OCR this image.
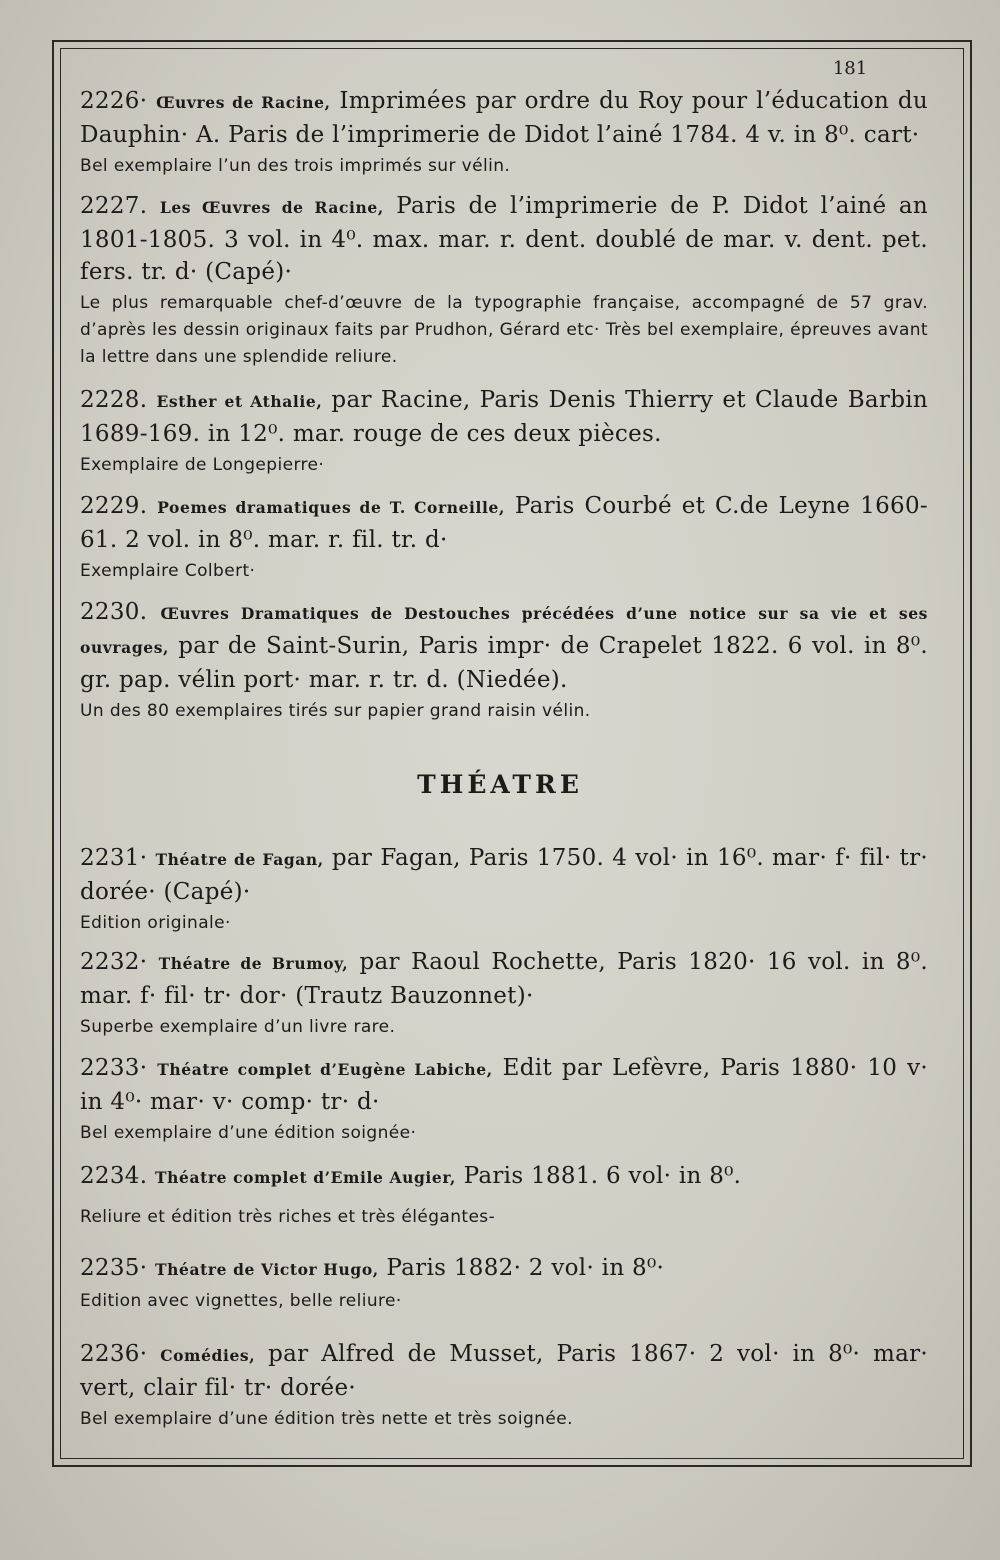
181
2226· Œuvres de Racine, Imprimées par ordre du Roy pour l’éducation du Dauphin· A. Paris de l’imprimerie de Didot l’ainé 1784. 4 v. in 8⁰. cart·
Bel exemplaire l’un des trois imprimés sur vélin.
2227. Les Œuvres de Racine, Paris de l’imprimerie de P. Didot l’ainé an 1801-1805. 3 vol. in 4⁰. max. mar. r. dent. doublé de mar. v. dent. pet. fers. tr. d· (Capé)·
Le plus remarquable chef-d’œuvre de la typographie française, accompagné de 57 grav. d’après les dessin originaux faits par Prudhon, Gérard etc· Très bel exemplaire, épreuves avant la lettre dans une splendide reliure.
2228. Esther et Athalie, par Racine, Paris Denis Thierry et Claude Barbin 1689-169. in 12⁰. mar. rouge de ces deux pièces.
Exemplaire de Longepierre·
2229. Poemes dramatiques de T. Corneille, Paris Courbé et C.de Leyne 1660-61. 2 vol. in 8⁰. mar. r. fil. tr. d·
Exemplaire Colbert·
2230. Œuvres Dramatiques de Destouches précédées d’une notice sur sa vie et ses ouvrages, par de Saint-Surin, Paris impr· de Crapelet 1822. 6 vol. in 8⁰. gr. pap. vélin port· mar. r. tr. d. (Niedée).
Un des 80 exemplaires tirés sur papier grand raisin vélin.
THÉATRE
2231· Théatre de Fagan, par Fagan, Paris 1750. 4 vol· in 16⁰. mar· f· fil· tr· dorée· (Capé)·
Edition originale·
2232· Théatre de Brumoy, par Raoul Rochette, Paris 1820· 16 vol. in 8⁰. mar. f· fil· tr· dor· (Trautz Bauzonnet)·
Superbe exemplaire d’un livre rare.
2233· Théatre complet d’Eugène Labiche, Edit par Lefèvre, Paris 1880· 10 v· in 4⁰· mar· v· comp· tr· d·
Bel exemplaire d’une édition soignée·
2234. Théatre complet d’Emile Augier, Paris 1881. 6 vol· in 8⁰.
Reliure et édition très riches et très élégantes-
2235· Théatre de Victor Hugo, Paris 1882· 2 vol· in 8⁰·
Edition avec vignettes, belle reliure·
2236· Comédies, par Alfred de Musset, Paris 1867· 2 vol· in 8⁰· mar· vert, clair fil· tr· dorée·
Bel exemplaire d’une édition très nette et très soignée.
